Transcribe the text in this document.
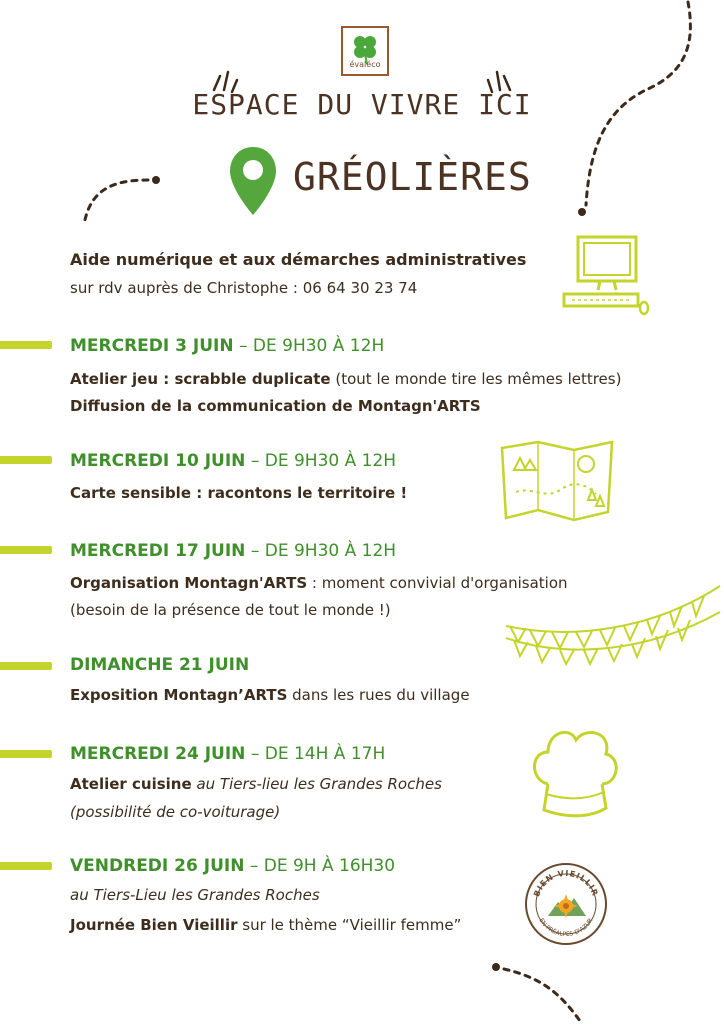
évaléco
ESPACE DU VIVRE ICI
GRÉOLIÈRES
Aide numérique et aux démarches administratives
sur rdv auprès de Christophe : 06 64 30 23 74
MERCREDI 3 JUIN – DE 9H30 À 12H
Atelier jeu : scrabble duplicate (tout le monde tire les mêmes lettres)
Diffusion de la communication de Montagn'ARTS
MERCREDI 10 JUIN – DE 9H30 À 12H
Carte sensible : racontons le territoire !
MERCREDI 17 JUIN – DE 9H30 À 12H
Organisation Montagn'ARTS : moment convivial d'organisation
(besoin de la présence de tout le monde !)
DIMANCHE 21 JUIN
Exposition Montagn’ARTS dans les rues du village
MERCREDI 24 JUIN – DE 14H À 17H
Atelier cuisine au Tiers-lieu les Grandes Roches
(possibilité de co-voiturage)
VENDREDI 26 JUIN – DE 9H À 16H30
au Tiers-Lieu les Grandes Roches
Journée Bien Vieillir sur le thème “Vieillir femme”
BIEN VIEILLIR
EN PRÉALPES D'AZUR
